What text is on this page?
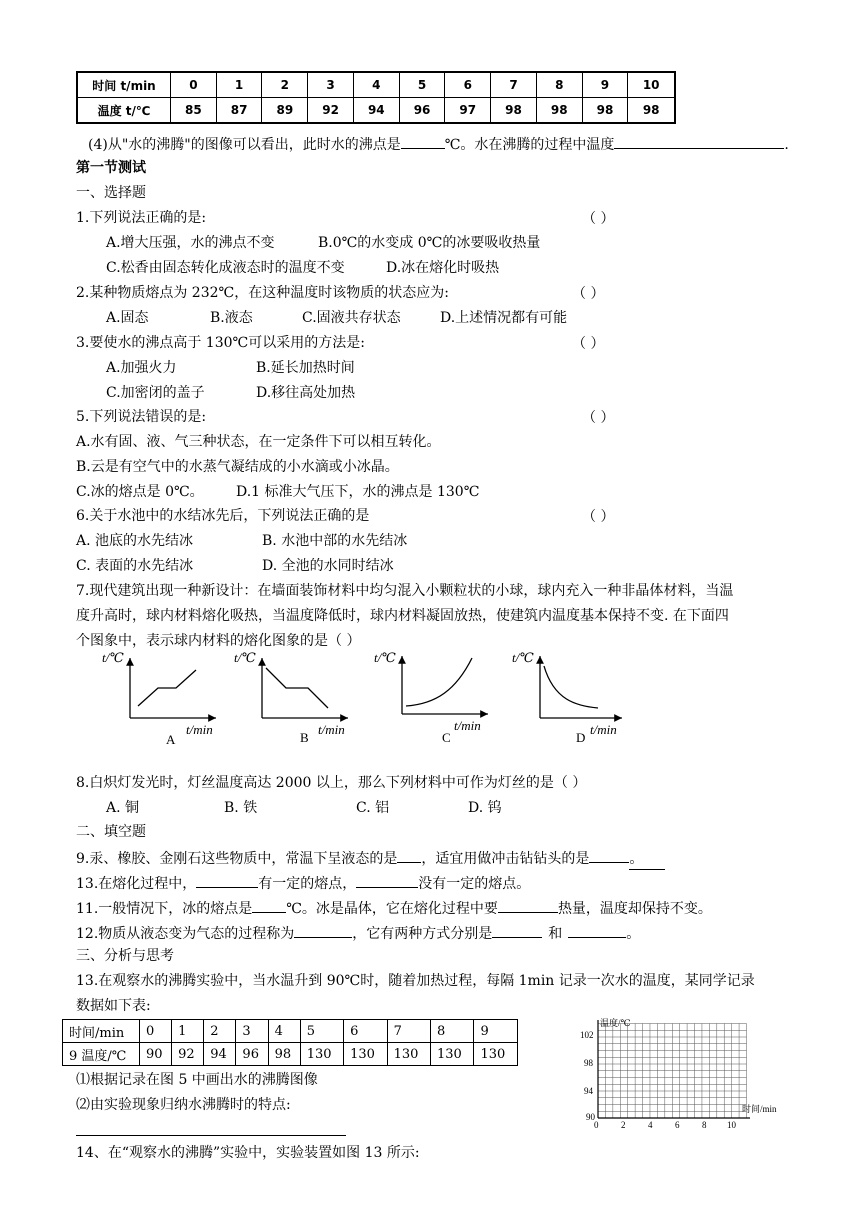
时间 t/min	0	1	2	3	4	5	6	7	8	9	10
温度 t/℃	85	87	89	92	94	96	97	98	98	98	98
(4)从"水的沸腾"的图像可以看出，此时水的沸点是	℃。水在沸腾的过程中温度	.
第一节测试
一、选择题
1.下列说法正确的是:	（ ）
A.增大压强，水的沸点不变	B.0℃的水变成 0℃的冰要吸收热量
C.松香由固态转化成液态时的温度不变	D.冰在熔化时吸热
2.某种物质熔点为 232℃，在这种温度时该物质的状态应为:	（ ）
A.固态	B.液态	C.固液共存状态	D.上述情况都有可能
3.要使水的沸点高于 130℃可以采用的方法是:	（ ）
A.加强火力	B.延长加热时间
C.加密闭的盖子	D.移往高处加热
5.下列说法错误的是:	（ ）
A.水有固、液、气三种状态，在一定条件下可以相互转化。
B.云是有空气中的水蒸气凝结成的小水滴或小冰晶。
C.冰的熔点是 0℃。 D.1 标准大气压下，水的沸点是 130℃
6.关于水池中的水结冰先后，下列说法正确的是	（ ）
A. 池底的水先结冰	B. 水池中部的水先结冰
C. 表面的水先结冰	D. 全池的水同时结冰
7.现代建筑出现一种新设计：在墙面装饰材料中均匀混入小颗粒状的小球，球内充入一种非晶体材料，当温
度升高时，球内材料熔化吸热，当温度降低时，球内材料凝固放热，使建筑内温度基本保持不变. 在下面四
个图象中，表示球内材料的熔化图象的是（ ）
t/℃
t/min
A
t/℃
t/min
B
t/℃
t/min
C
t/℃
t/min
D
8.白炽灯发光时，灯丝温度高达 2000 以上，那么下列材料中可作为灯丝的是（ ）
A. 铜	B. 铁	C. 铝	D. 钨
二、填空题
9.汞、橡胶、金刚石这些物质中，常温下呈液态的是 ，适宜用做冲击钻钻头的是	。
13.在熔化过程中，	有一定的熔点，	没有一定的熔点。
11.一般情况下，冰的熔点是 ℃。冰是晶体，它在熔化过程中要	热量，温度却保持不变。
12.物质从液态变为气态的过程称为	，它有两种方式分别是	和	。
三、分析与思考
13.在观察水的沸腾实验中，当水温升到 90℃时，随着加热过程，每隔 1min 记录一次水的温度，某同学记录
数据如下表:
时间/min	0	1	2	3	4	5	6	7	8	9
9 温度/℃	90	92	94	96	98	130	130	130	130	130
⑴根据记录在图 5 中画出水的沸腾图像
⑵由实验现象归纳水沸腾时的特点:
14、在“观察水的沸腾”实验中，实验装置如图 13 所示:
温度/℃
时间/min
102
98
94
90
0	2	4	6	8 10
